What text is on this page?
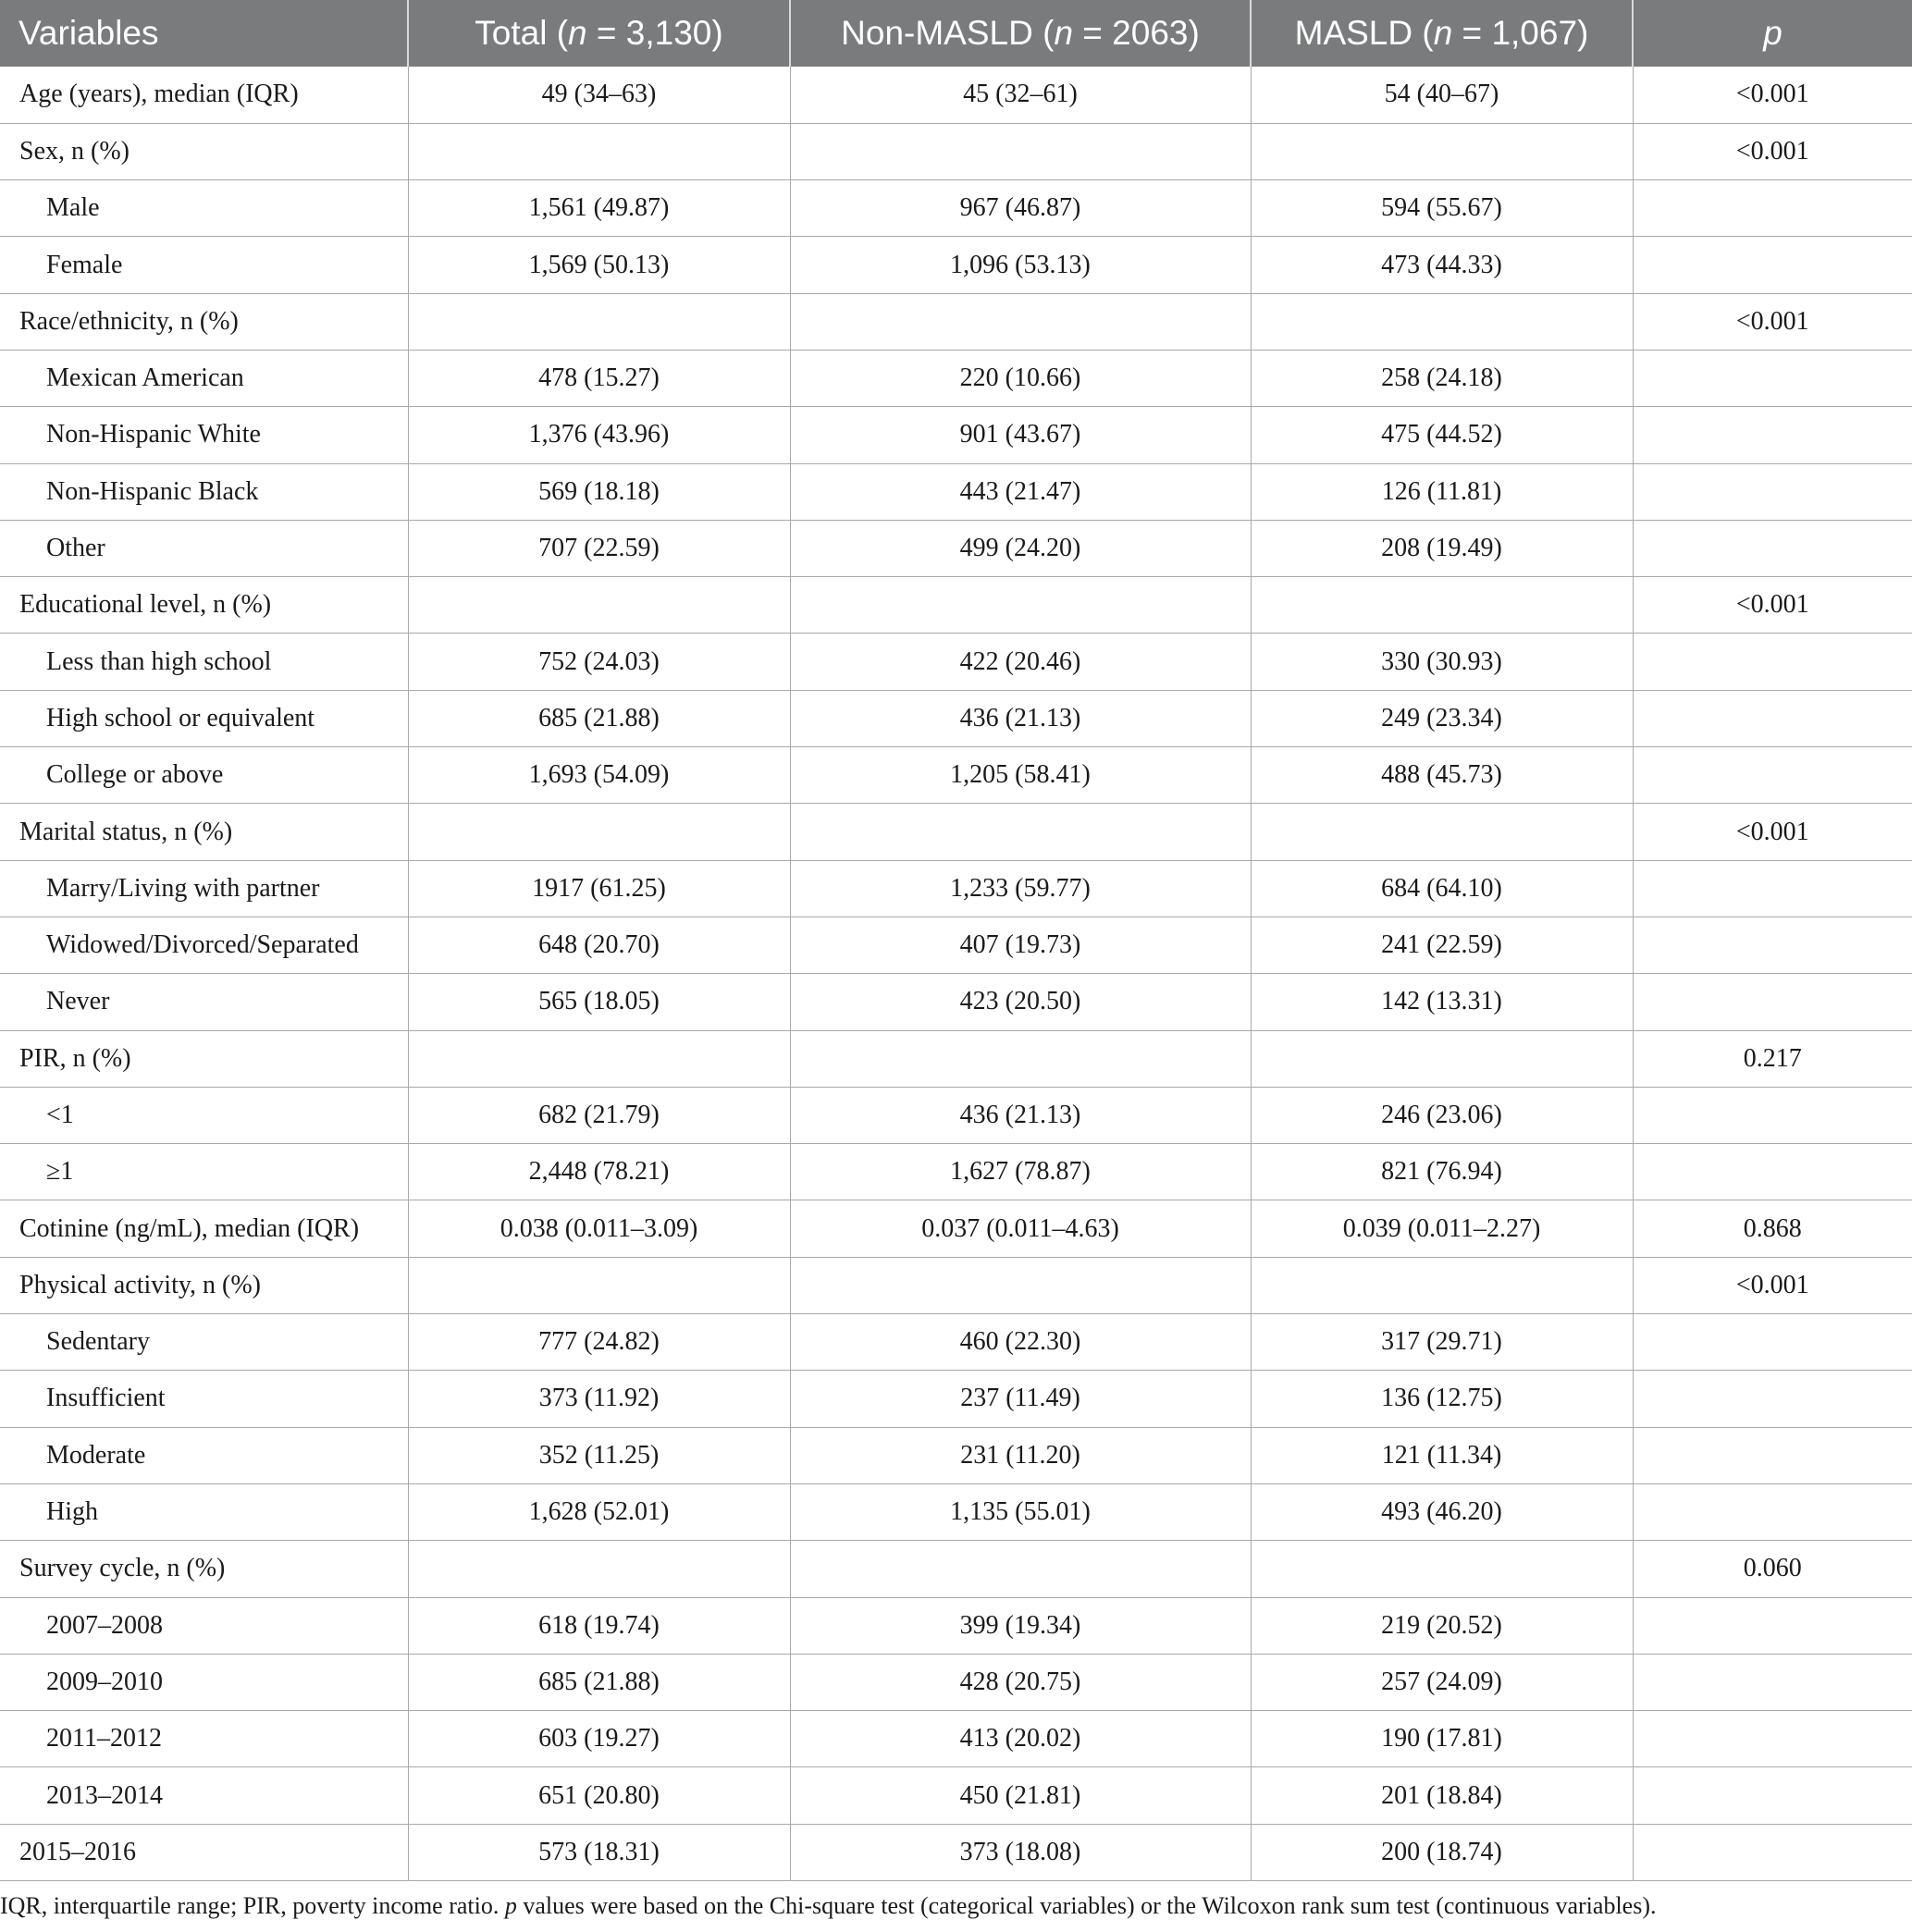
Variables	Total (n = 3,130)	Non-MASLD (n = 2063)	MASLD (n = 1,067)	p
Age (years), median (IQR)	49 (34–63)	45 (32–61)	54 (40–67)	<0.001
Sex, n (%)				<0.001
Male	1,561 (49.87)	967 (46.87)	594 (55.67)	
Female	1,569 (50.13)	1,096 (53.13)	473 (44.33)	
Race/ethnicity, n (%)				<0.001
Mexican American	478 (15.27)	220 (10.66)	258 (24.18)	
Non-Hispanic White	1,376 (43.96)	901 (43.67)	475 (44.52)	
Non-Hispanic Black	569 (18.18)	443 (21.47)	126 (11.81)	
Other	707 (22.59)	499 (24.20)	208 (19.49)	
Educational level, n (%)				<0.001
Less than high school	752 (24.03)	422 (20.46)	330 (30.93)	
High school or equivalent	685 (21.88)	436 (21.13)	249 (23.34)	
College or above	1,693 (54.09)	1,205 (58.41)	488 (45.73)	
Marital status, n (%)				<0.001
Marry/Living with partner	1917 (61.25)	1,233 (59.77)	684 (64.10)	
Widowed/Divorced/Separated	648 (20.70)	407 (19.73)	241 (22.59)	
Never	565 (18.05)	423 (20.50)	142 (13.31)	
PIR, n (%)				0.217
<1	682 (21.79)	436 (21.13)	246 (23.06)	
≥1	2,448 (78.21)	1,627 (78.87)	821 (76.94)	
Cotinine (ng/mL), median (IQR)	0.038 (0.011–3.09)	0.037 (0.011–4.63)	0.039 (0.011–2.27)	0.868
Physical activity, n (%)				<0.001
Sedentary	777 (24.82)	460 (22.30)	317 (29.71)	
Insufficient	373 (11.92)	237 (11.49)	136 (12.75)	
Moderate	352 (11.25)	231 (11.20)	121 (11.34)	
High	1,628 (52.01)	1,135 (55.01)	493 (46.20)	
Survey cycle, n (%)				0.060
2007–2008	618 (19.74)	399 (19.34)	219 (20.52)	
2009–2010	685 (21.88)	428 (20.75)	257 (24.09)	
2011–2012	603 (19.27)	413 (20.02)	190 (17.81)	
2013–2014	651 (20.80)	450 (21.81)	201 (18.84)	
2015–2016	573 (18.31)	373 (18.08)	200 (18.74)	
IQR, interquartile range; PIR, poverty income ratio. p values were based on the Chi-square test (categorical variables) or the Wilcoxon rank sum test (continuous variables).
